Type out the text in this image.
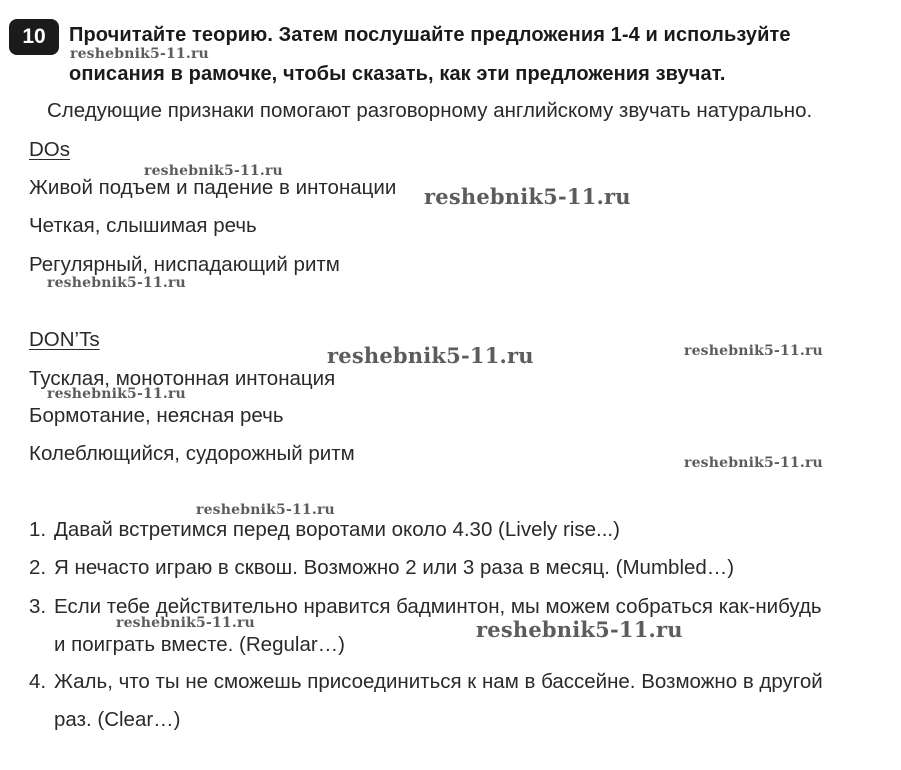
10	Прочитайте теорию. Затем послушайте предложения 1-4 и используйте
описания в рамочке, чтобы сказать, как эти предложения звучат.
Следующие признаки помогают разговорному английскому звучать натурально.
DOs
Живой подъем и падение в интонации
Четкая, слышимая речь
Регулярный, ниспадающий ритм
DON’Ts
Тусклая, монотонная интонация
Бормотание, неясная речь
Колеблющийся, судорожный ритм
1. Давай встретимся перед воротами около 4.30 (Lively rise...)
2. Я нечасто играю в сквош. Возможно 2 или 3 раза в месяц. (Mumbled…)
3. Если тебе действительно нравится бадминтон, мы можем собраться как-нибудь
и поиграть вместе. (Regular…)
4. Жаль, что ты не сможешь присоединиться к нам в бассейне. Возможно в другой
раз. (Clear…)
reshebnik5-11.ru
reshebnik5-11.ru
reshebnik5-11.ru
reshebnik5-11.ru
reshebnik5-11.ru	reshebnik5-11.ru
reshebnik5-11.ru
reshebnik5-11.ru
reshebnik5-11.ru
reshebnik5-11.ru	reshebnik5-11.ru
